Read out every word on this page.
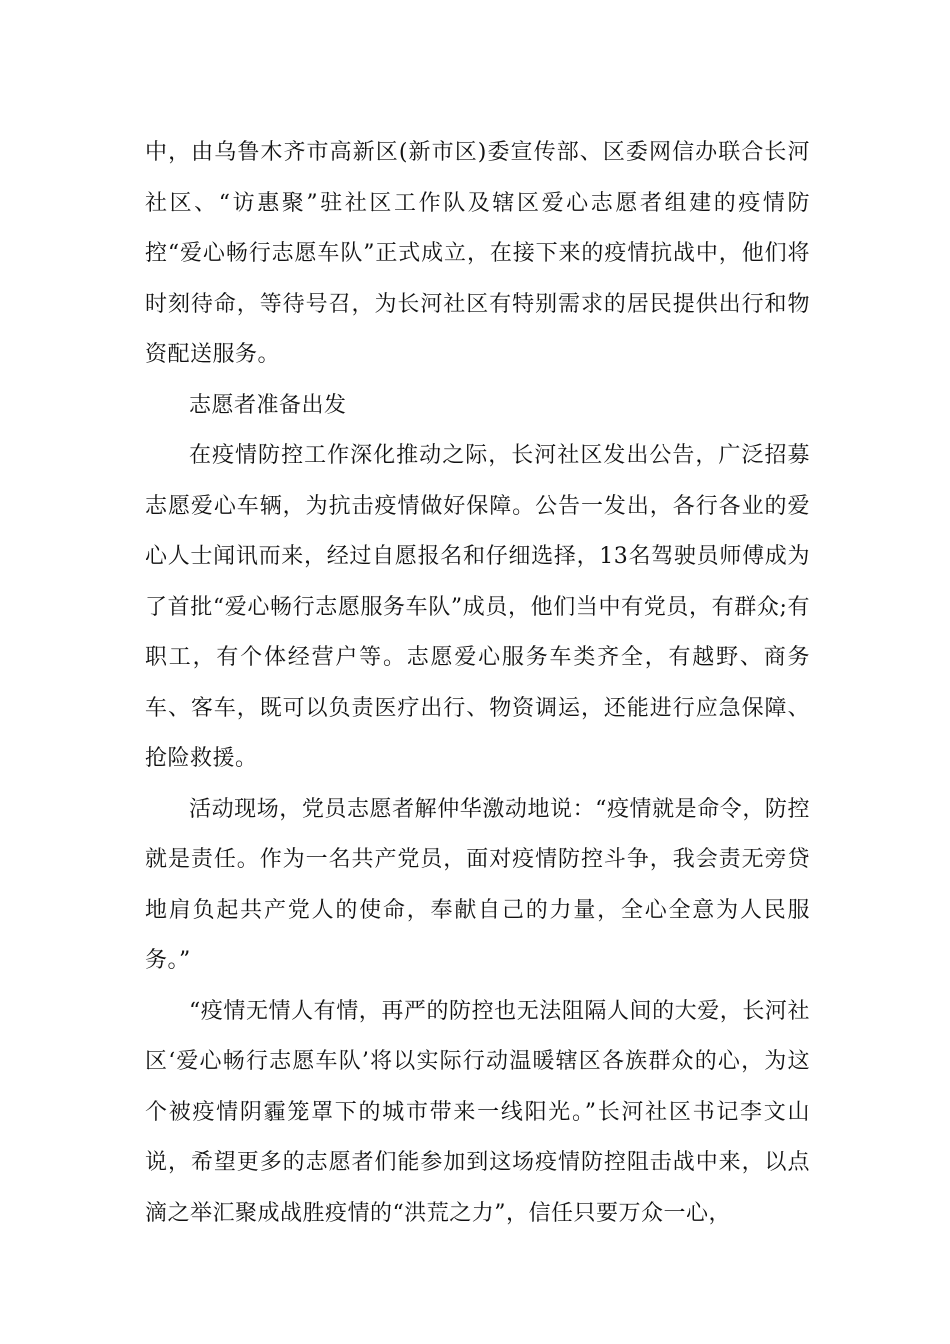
中，由乌鲁木齐市高新区(新市区)委宣传部、区委网信办联合长河社区、“访惠聚”驻社区工作队及辖区爱心志愿者组建的疫情防控“爱心畅行志愿车队”正式成立，在接下来的疫情抗战中，他们将时刻待命，等待号召，为长河社区有特别需求的居民提供出行和物资配送服务。

志愿者准备出发

在疫情防控工作深化推动之际，长河社区发出公告，广泛招募志愿爱心车辆，为抗击疫情做好保障。公告一发出，各行各业的爱心人士闻讯而来，经过自愿报名和仔细选择，13名驾驶员师傅成为了首批“爱心畅行志愿服务车队”成员，他们当中有党员，有群众;有职工，有个体经营户等。志愿爱心服务车类齐全，有越野、商务车、客车，既可以负责医疗出行、物资调运，还能进行应急保障、抢险救援。

活动现场，党员志愿者解仲华激动地说：“疫情就是命令，防控就是责任。作为一名共产党员，面对疫情防控斗争，我会责无旁贷地肩负起共产党人的使命，奉献自己的力量，全心全意为人民服务。”

“疫情无情人有情，再严的防控也无法阻隔人间的大爱，长河社区‘爱心畅行志愿车队’将以实际行动温暖辖区各族群众的心，为这个被疫情阴霾笼罩下的城市带来一线阳光。”长河社区书记李文山说，希望更多的志愿者们能参加到这场疫情防控阻击战中来，以点滴之举汇聚成战胜疫情的“洪荒之力”，信任只要万众一心，
